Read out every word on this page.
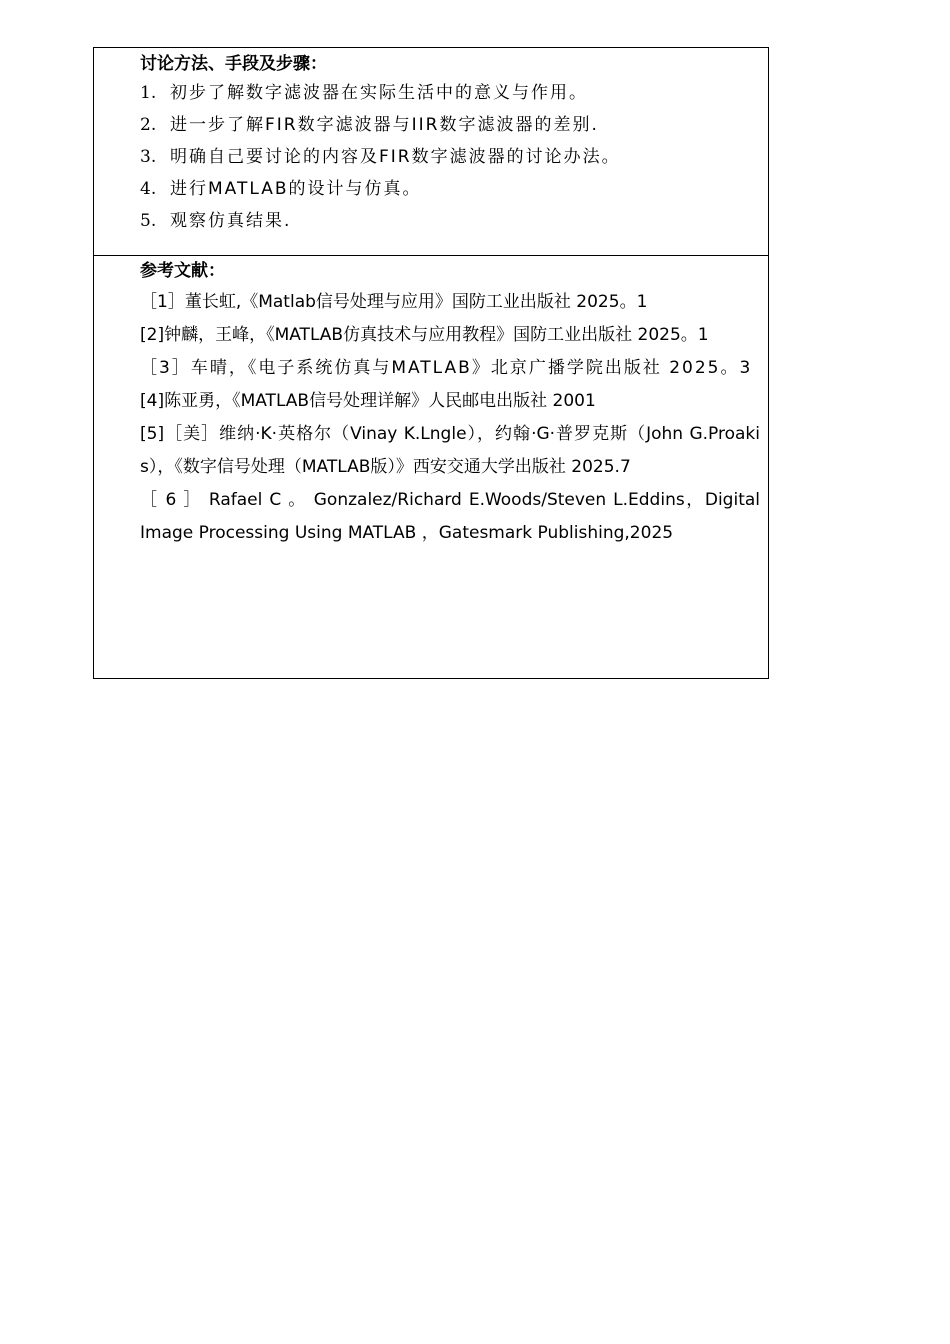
讨论方法、手段及步骤：
1. 初步了解数字滤波器在实际生活中的意义与作用。
2. 进一步了解FIR数字滤波器与IIR数字滤波器的差别.
3. 明确自己要讨论的内容及FIR数字滤波器的讨论办法。
4. 进行MATLAB的设计与仿真。
5. 观察仿真结果.
参考文献：
［1］董长虹,《Matlab信号处理与应用》国防工业出版社 2025。1
[2]钟麟，王峰，《MATLAB仿真技术与应用教程》国防工业出版社 2025。1
［3］车晴，《电子系统仿真与MATLAB》北京广播学院出版社 2025。3
[4]陈亚勇，《MATLAB信号处理详解》人民邮电出版社 2001
[5]［美］维纳·K·英格尔（Vinay K.Lngle），约翰·G·普罗克斯（John G.Proakis），《数字信号处理（MATLAB版）》西安交通大学出版社 2025.7
［ 6 ］ Rafael C 。 Gonzalez/Richard E.Woods/Steven L.Eddins，Digital Image Processing Using MATLAB ，Gatesmark Publishing,2025
